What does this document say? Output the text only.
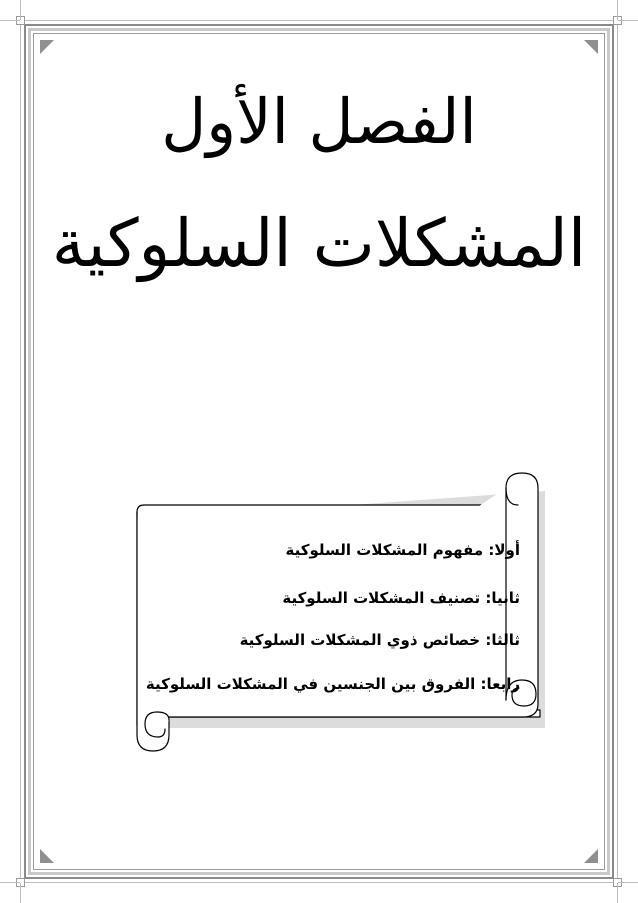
الفصل الأول
المشكلات السلوكية
أولا: مفهوم المشكلات السلوكية
ثانيا: تصنيف المشكلات السلوكية
ثالثا: خصائص ذوي المشكلات السلوكية
رابعا: الفروق بين الجنسين في المشكلات السلوكية
